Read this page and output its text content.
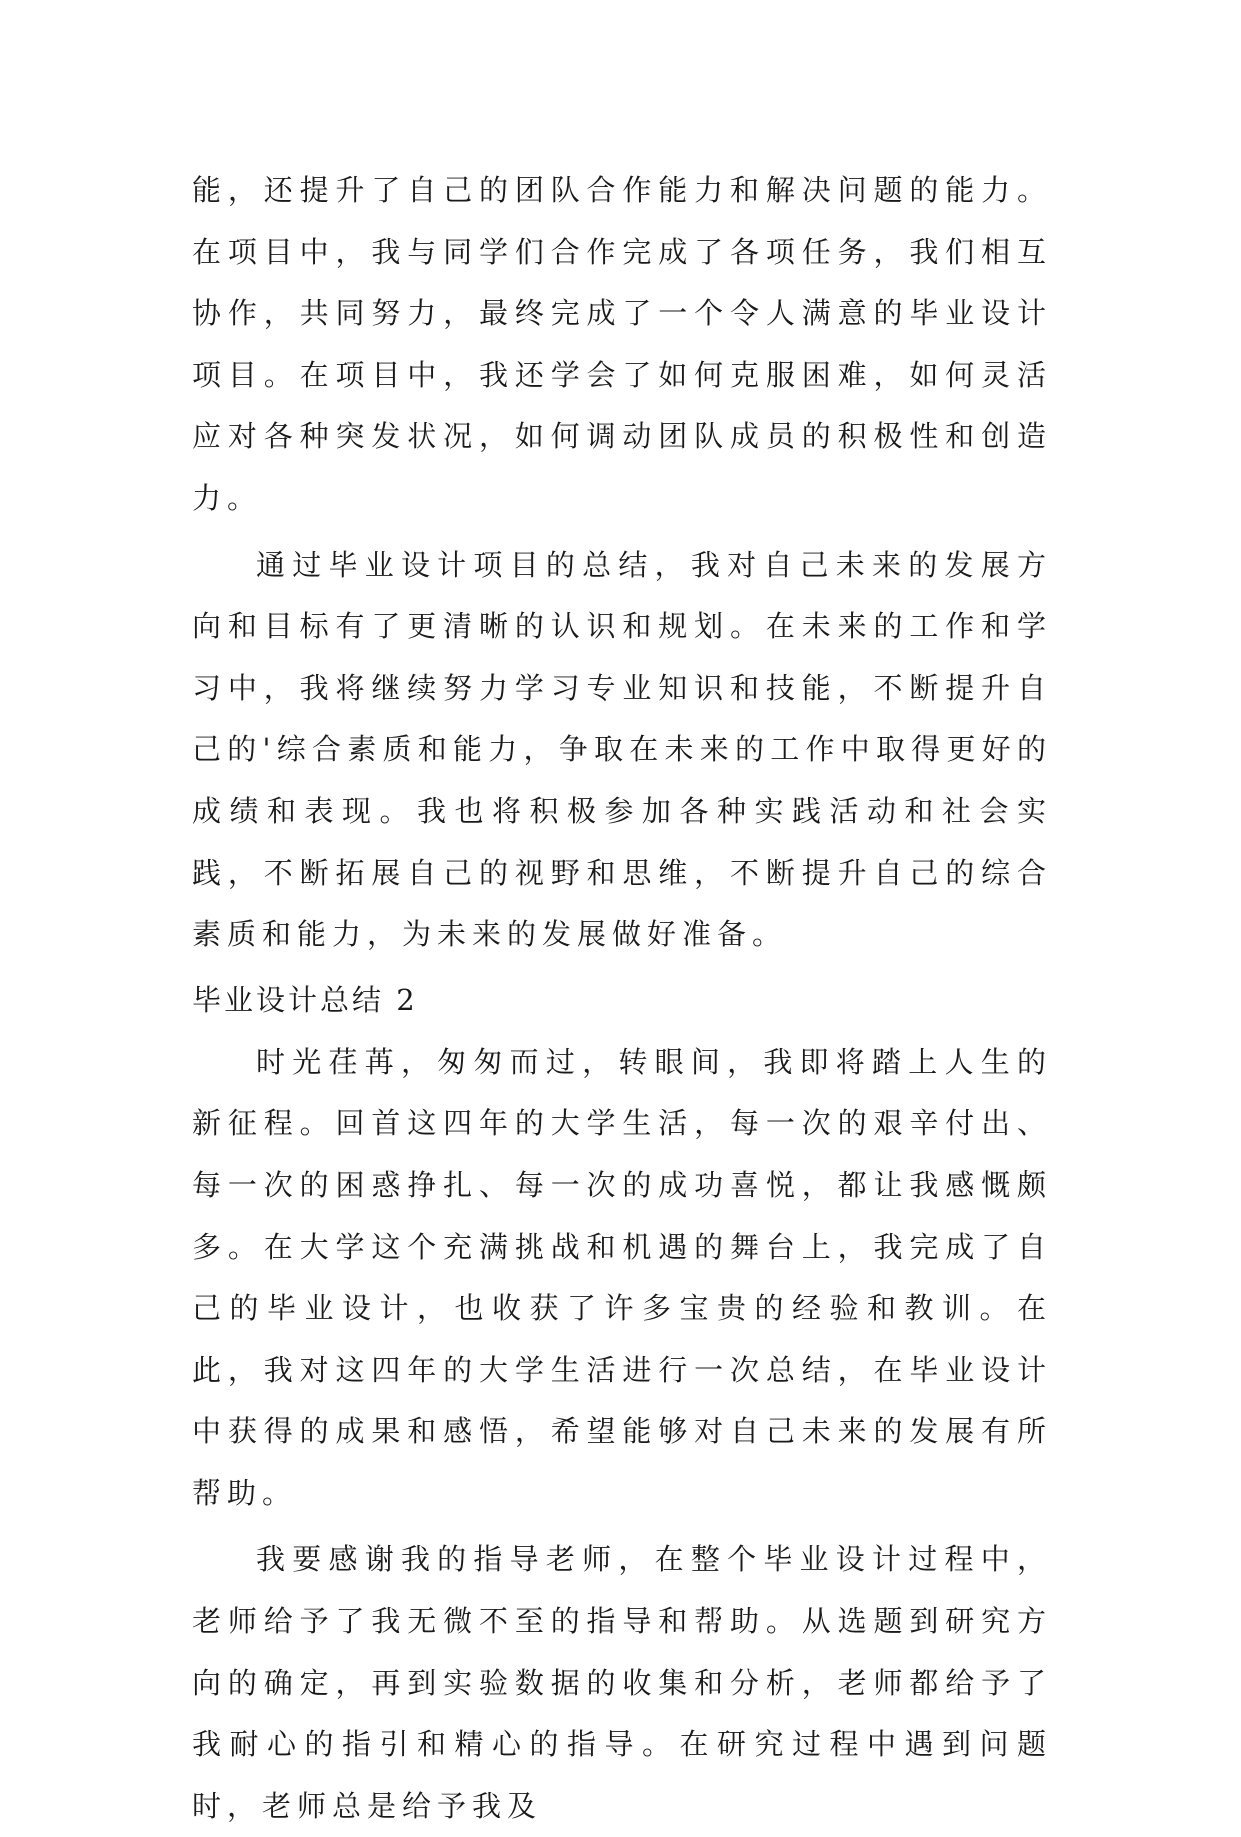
能，还提升了自己的团队合作能力和解决问题的能力。在项目中，我与同学们合作完成了各项任务，我们相互协作，共同努力，最终完成了一个令人满意的毕业设计项目。在项目中，我还学会了如何克服困难，如何灵活应对各种突发状况，如何调动团队成员的积极性和创造力。

通过毕业设计项目的总结，我对自己未来的发展方向和目标有了更清晰的认识和规划。在未来的工作和学习中，我将继续努力学习专业知识和技能，不断提升自己的'综合素质和能力，争取在未来的工作中取得更好的成绩和表现。我也将积极参加各种实践活动和社会实践，不断拓展自己的视野和思维，不断提升自己的综合素质和能力，为未来的发展做好准备。

毕业设计总结 2

时光荏苒，匆匆而过，转眼间，我即将踏上人生的新征程。回首这四年的大学生活，每一次的艰辛付出、每一次的困惑挣扎、每一次的成功喜悦，都让我感慨颇多。在大学这个充满挑战和机遇的舞台上，我完成了自己的毕业设计，也收获了许多宝贵的经验和教训。在此，我对这四年的大学生活进行一次总结，在毕业设计中获得的成果和感悟，希望能够对自己未来的发展有所帮助。

我要感谢我的指导老师，在整个毕业设计过程中，老师给予了我无微不至的指导和帮助。从选题到研究方向的确定，再到实验数据的收集和分析，老师都给予了我耐心的指引和精心的指导。在研究过程中遇到问题时，老师总是给予我及
